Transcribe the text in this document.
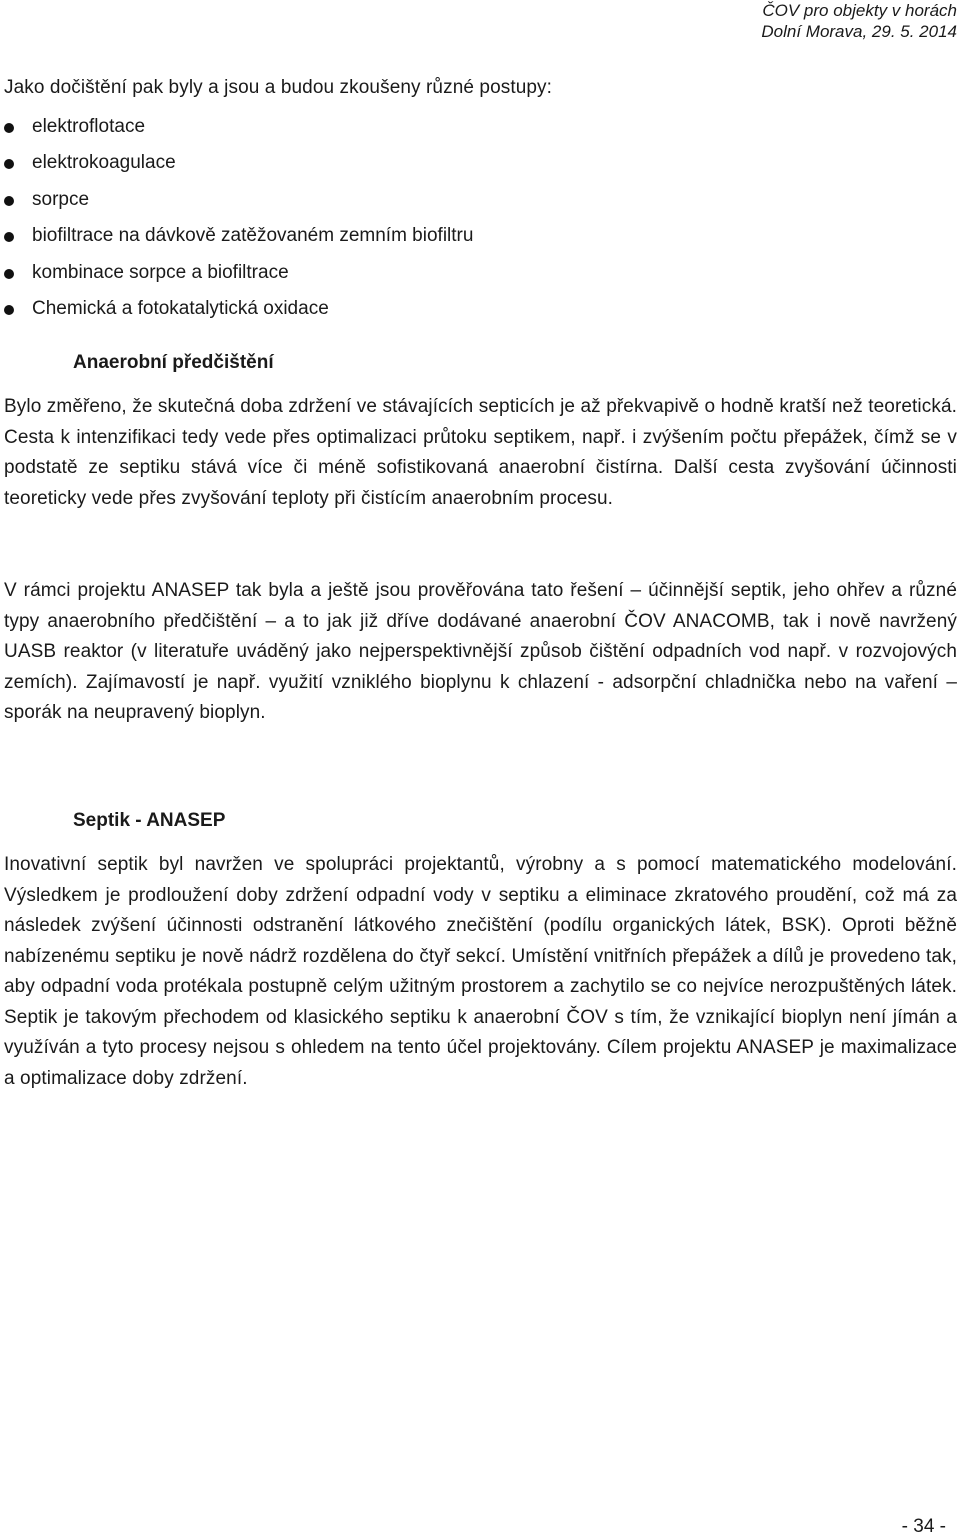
ČOV pro objekty v horách
Dolní Morava, 29. 5. 2014

Jako dočištění pak byly a jsou a budou zkoušeny různé postupy:

elektroflotace
elektrokoagulace
sorpce
biofiltrace na dávkově zatěžovaném zemním biofiltru
kombinace sorpce a biofiltrace
Chemická a fotokatalytická oxidace
Anaerobní předčištění

Bylo změřeno, že skutečná doba zdržení ve stávajících septicích je až překvapivě o hodně kratší než teoretická. Cesta k intenzifikaci tedy vede přes optimalizaci průtoku septikem, např. i zvýšením počtu přepážek, čímž se v podstatě ze septiku stává více či méně sofistikovaná anaerobní čistírna. Další cesta zvyšování účinnosti teoreticky vede přes zvyšování teploty při čistícím anaerobním procesu.

V rámci projektu ANASEP tak byla a ještě jsou prověřována tato řešení – účinnější septik, jeho ohřev a různé typy anaerobního předčištění – a to jak již dříve dodávané anaerobní ČOV ANACOMB, tak i nově navržený UASB reaktor (v literatuře uváděný jako nejperspektivnější způsob čištění odpadních vod např. v rozvojových zemích). Zajímavostí je např. využití vzniklého bioplynu k chlazení - adsorpční chladnička nebo na vaření – sporák na neupravený bioplyn.

Septik - ANASEP

Inovativní septik byl navržen ve spolupráci projektantů, výrobny a s pomocí matematického modelování. Výsledkem je prodloužení doby zdržení odpadní vody v septiku a eliminace zkratového proudění, což má za následek zvýšení účinnosti odstranění látkového znečištění (podílu organických látek, BSK). Oproti běžně nabízenému septiku je nově nádrž rozdělena do čtyř sekcí. Umístění vnitřních přepážek a dílů je provedeno tak, aby odpadní voda protékala postupně celým užitným prostorem a zachytilo se co nejvíce nerozpuštěných látek. Septik je takovým přechodem od klasického septiku k anaerobní ČOV s tím, že vznikající bioplyn není jímán a využíván a tyto procesy nejsou s ohledem na tento účel projektovány. Cílem projektu ANASEP je maximalizace a optimalizace doby zdržení.

- 34 -
